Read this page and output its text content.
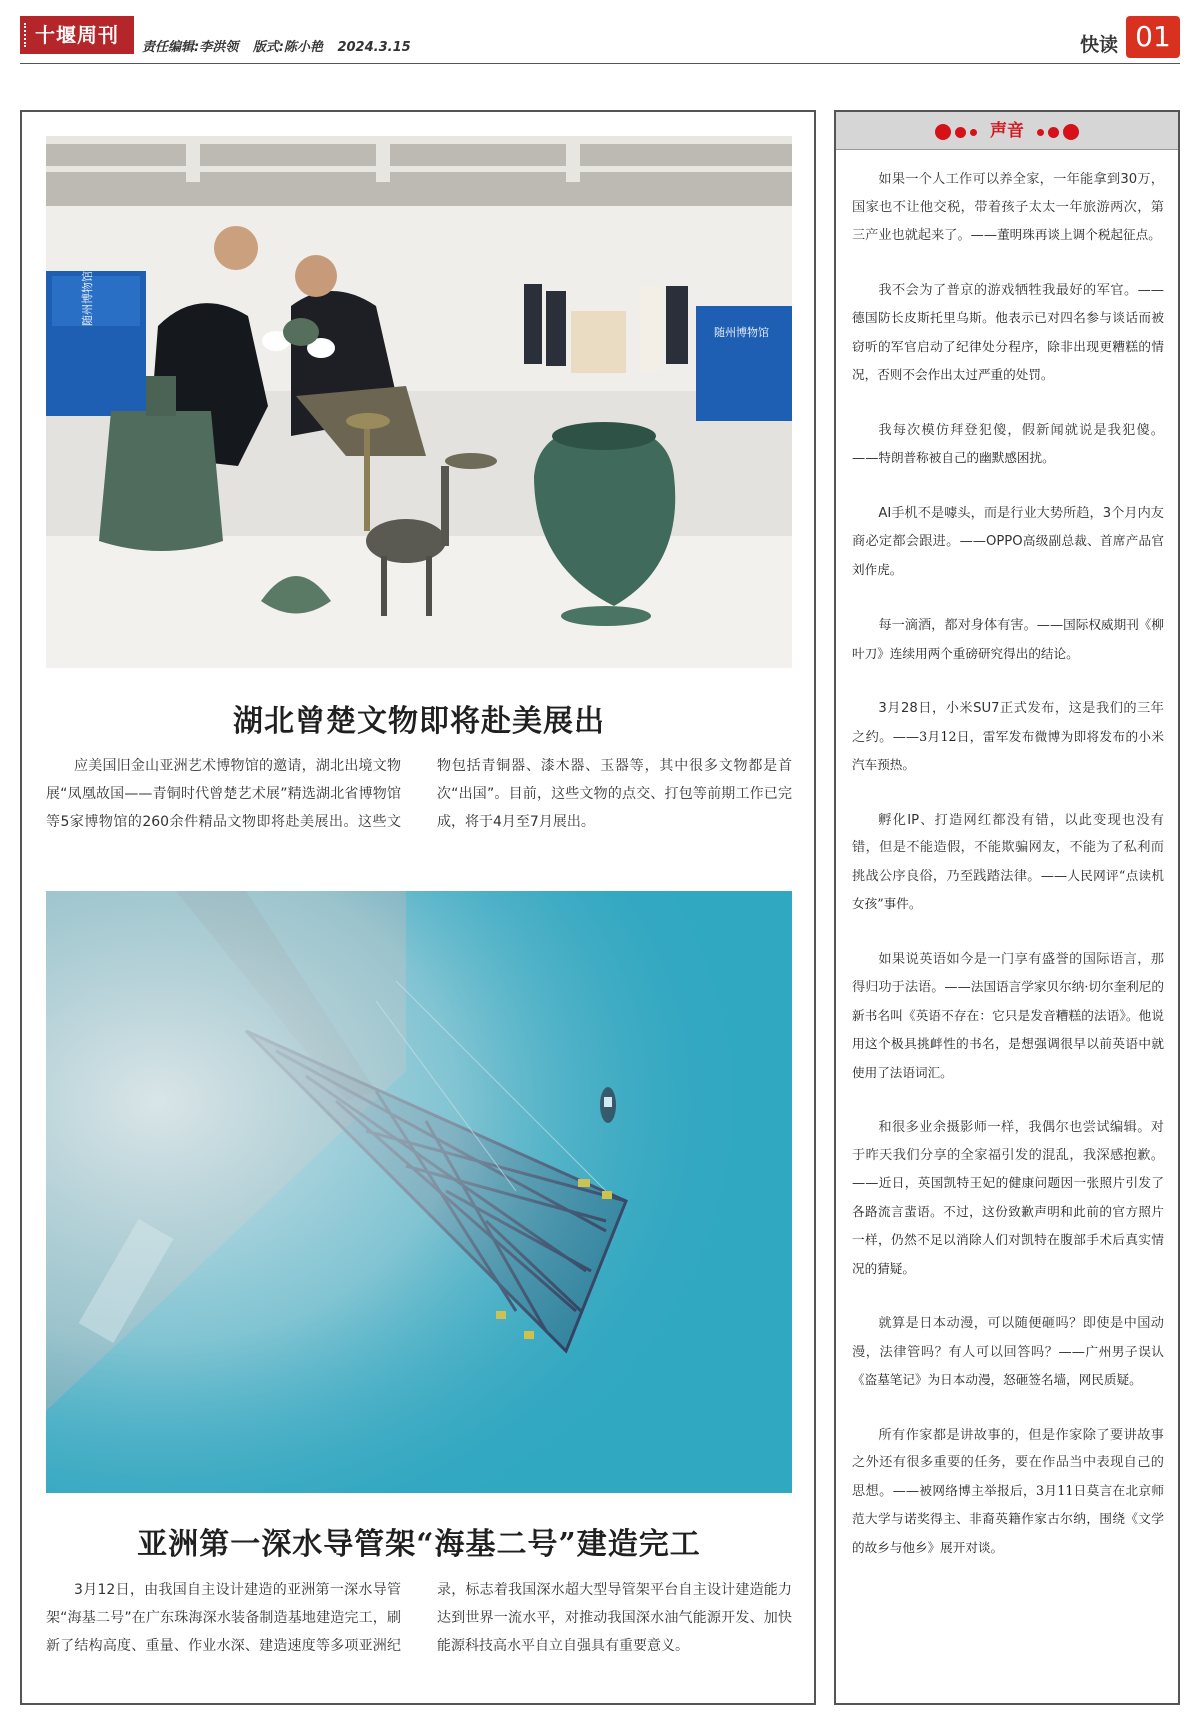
十堰周刊
责任编辑:李洪领 版式:陈小艳 2024.3.15	快读 01
随州博物馆
随州博物馆
湖北曾楚文物即将赴美展出

应美国旧金山亚洲艺术博物馆的邀请，湖北出境文物展“凤凰故国——青铜时代曾楚艺术展”精选湖北省博物馆等5家博物馆的260余件精品文物即将赴美展出。这些文物包括青铜器、漆木器、玉器等，其中很多文物都是首次“出国”。目前，这些文物的点交、打包等前期工作已完成，将于4月至7月展出。

亚洲第一深水导管架“海基二号”建造完工

3月12日，由我国自主设计建造的亚洲第一深水导管架“海基二号”在广东珠海深水装备制造基地建造完工，刷新了结构高度、重量、作业水深、建造速度等多项亚洲纪录，标志着我国深水超大型导管架平台自主设计建造能力达到世界一流水平，对推动我国深水油气能源开发、加快能源科技高水平自立自强具有重要意义。

声音

如果一个人工作可以养全家，一年能拿到30万，国家也不让他交税，带着孩子太太一年旅游两次，第三产业也就起来了。——董明珠再谈上调个税起征点。

我不会为了普京的游戏牺牲我最好的军官。——德国防长皮斯托里乌斯。他表示已对四名参与谈话而被窃听的军官启动了纪律处分程序，除非出现更糟糕的情况，否则不会作出太过严重的处罚。

我每次模仿拜登犯傻，假新闻就说是我犯傻。——特朗普称被自己的幽默感困扰。

AI手机不是噱头，而是行业大势所趋，3个月内友商必定都会跟进。——OPPO高级副总裁、首席产品官刘作虎。

每一滴酒，都对身体有害。——国际权威期刊《柳叶刀》连续用两个重磅研究得出的结论。

3月28日，小米SU7正式发布，这是我们的三年之约。——3月12日，雷军发布微博为即将发布的小米汽车预热。

孵化IP、打造网红都没有错，以此变现也没有错，但是不能造假，不能欺骗网友，不能为了私利而挑战公序良俗，乃至践踏法律。——人民网评“点读机女孩”事件。

如果说英语如今是一门享有盛誉的国际语言，那得归功于法语。——法国语言学家贝尔纳·切尔奎利尼的新书名叫《英语不存在：它只是发音糟糕的法语》。他说用这个极具挑衅性的书名，是想强调很早以前英语中就使用了法语词汇。

和很多业余摄影师一样，我偶尔也尝试编辑。对于昨天我们分享的全家福引发的混乱，我深感抱歉。——近日，英国凯特王妃的健康问题因一张照片引发了各路流言蜚语。不过，这份致歉声明和此前的官方照片一样，仍然不足以消除人们对凯特在腹部手术后真实情况的猜疑。

就算是日本动漫，可以随便砸吗？即使是中国动漫，法律管吗？有人可以回答吗？——广州男子误认《盗墓笔记》为日本动漫，怒砸签名墙，网民质疑。

所有作家都是讲故事的，但是作家除了要讲故事之外还有很多重要的任务，要在作品当中表现自己的思想。——被网络博主举报后，3月11日莫言在北京师范大学与诺奖得主、非裔英籍作家古尔纳，围绕《文学的故乡与他乡》展开对谈。
